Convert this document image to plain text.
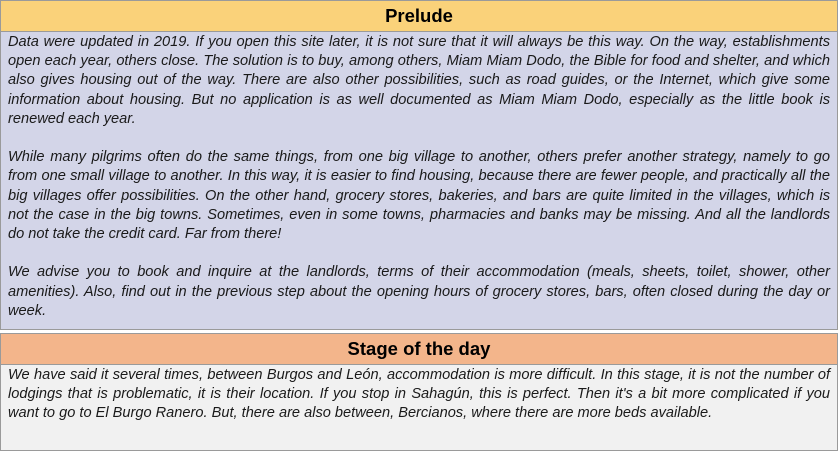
Prelude

Data were updated in 2019. If you open this site later, it is not sure that it will always be this way. On the way, establishments open each year, others close. The solution is to buy, among others, Miam Miam Dodo, the Bible for food and shelter, and which also gives housing out of the way. There are also other possibilities, such as road guides, or the Internet, which give some information about housing. But no application is as well documented as Miam Miam Dodo, especially as the little book is renewed each year.

While many pilgrims often do the same things, from one big village to another, others prefer another strategy, namely to go from one small village to another. In this way, it is easier to find housing, because there are fewer people, and practically all the big villages offer possibilities. On the other hand, grocery stores, bakeries, and bars are quite limited in the villages, which is not the case in the big towns. Sometimes, even in some towns, pharmacies and banks may be missing. And all the landlords do not take the credit card. Far from there!

We advise you to book and inquire at the landlords, terms of their accommodation (meals, sheets, toilet, shower, other amenities). Also, find out in the previous step about the opening hours of grocery stores, bars, often closed during the day or week.

Stage of the day

We have said it several times, between Burgos and León, accommodation is more difficult. In this stage, it is not the number of lodgings that is problematic, it is their location. If you stop in Sahagún, this is perfect. Then it's a bit more complicated if you want to go to El Burgo Ranero. But, there are also between, Bercianos, where there are more beds available.
